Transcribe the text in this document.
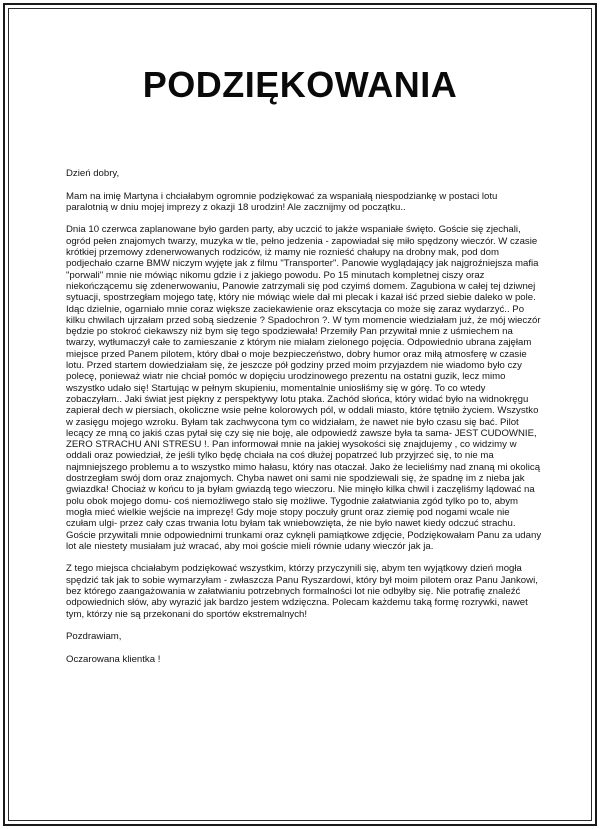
PODZIĘKOWANIA

Dzień dobry,

Mam na imię Martyna i chciałabym ogromnie podziękować za wspaniałą niespodziankę w postaci lotu paralotnią w dniu mojej imprezy z okazji 18 urodzin! Ale zacznijmy od początku..

Dnia 10 czerwca zaplanowane było garden party, aby uczcić to jakże wspaniałe święto. Goście się zjechali, ogród pełen znajomych twarzy, muzyka w tle, pełno jedzenia - zapowiadał się miło spędzony wieczór. W czasie krótkiej przemowy zdenerwowanych rodziców, iż mamy nie roznieść chałupy na drobny mak, pod dom podjechało czarne BMW niczym wyjęte jak z filmu "Transporter". Panowie wyglądający jak najgroźniejsza mafia "porwali" mnie nie mówiąc nikomu gdzie i z jakiego powodu. Po 15 minutach kompletnej ciszy oraz niekończącemu się zdenerwowaniu, Panowie zatrzymali się pod czyimś domem. Zagubiona w całej tej dziwnej sytuacji, spostrzegłam mojego tatę, który nie mówiąc wiele dał mi plecak i kazał iść przed siebie daleko w pole. Idąc dzielnie, ogarniało mnie coraz większe zaciekawienie oraz ekscytacja co może się zaraz wydarzyć.. Po kilku chwilach ujrzałam przed sobą siedzenie ? Spadochron ?. W tym momencie wiedziałam już, że mój wieczór będzie po stokroć ciekawszy niż bym się tego spodziewała! Przemiły Pan przywitał mnie z uśmiechem na twarzy, wytłumaczył całe to zamieszanie z którym nie miałam zielonego pojęcia. Odpowiednio ubrana zajęłam miejsce przed Panem pilotem, który dbał o moje bezpieczeństwo, dobry humor oraz miłą atmosferę w czasie lotu. Przed startem dowiedziałam się, że jeszcze pół godziny przed moim przyjazdem nie wiadomo było czy polecę, ponieważ wiatr nie chciał pomóc w dopięciu urodzinowego prezentu na ostatni guzik, lecz mimo wszystko udało się! Startując w pełnym skupieniu, momentalnie uniosłiśmy się w górę. To co wtedy zobaczyłam.. Jaki świat jest piękny z perspektywy lotu ptaka. Zachód słońca, który widać było na widnokręgu zapierał dech w piersiach, okoliczne wsie pełne kolorowych pól, w oddali miasto, które tętniło życiem. Wszystko w zasięgu mojego wzroku. Byłam tak zachwycona tym co widziałam, że nawet nie było czasu się bać. Pilot lecący ze mną co jakiś czas pytał się czy się nie boję, ale odpowiedź zawsze była ta sama- JEST CUDOWNIE, ZERO STRACHU ANI STRESU !. Pan informował mnie na jakiej wysokości się znajdujemy , co widzimy w oddali oraz powiedział, że jeśli tylko będę chciała na coś dłużej popatrzeć lub przyjrzeć się, to nie ma najmniejszego problemu a to wszystko mimo hałasu, który nas otaczał. Jako że lecieliśmy nad znaną mi okolicą dostrzegłam swój dom oraz znajomych. Chyba nawet oni sami nie spodziewali się, że spadnę im z nieba jak gwiazdka! Chociaż w końcu to ja byłam gwiazdą tego wieczoru. Nie minęło kilka chwil i zaczęliśmy lądować na polu obok mojego domu- coś niemożliwego stało się możliwe. Tygodnie załatwiania zgód tylko po to, abym mogła mieć wielkie wejście na imprezę! Gdy moje stopy poczuły grunt oraz ziemię pod nogami wcale nie czułam ulgi- przez cały czas trwania lotu byłam tak wniebowzięta, że nie było nawet kiedy odczuć strachu. Goście przywitali mnie odpowiednimi trunkami oraz cyknęli pamiątkowe zdjęcie, Podziękowałam Panu za udany lot ale niestety musiałam już wracać, aby moi goście mieli równie udany wieczór jak ja.

Z tego miejsca chciałabym podziękować wszystkim, którzy przyczynili się, abym ten wyjątkowy dzień mogła spędzić tak jak to sobie wymarzyłam - zwłaszcza Panu Ryszardowi, który był moim pilotem oraz Panu Jankowi, bez którego zaangażowania w załatwianiu potrzebnych formalności lot nie odbyłby się. Nie potrafię znaleźć odpowiednich słów, aby wyrazić jak bardzo jestem wdzięczna. Polecam każdemu taką formę rozrywki, nawet tym, którzy nie są przekonani do sportów ekstremalnych!

Pozdrawiam,

Oczarowana klientka !
